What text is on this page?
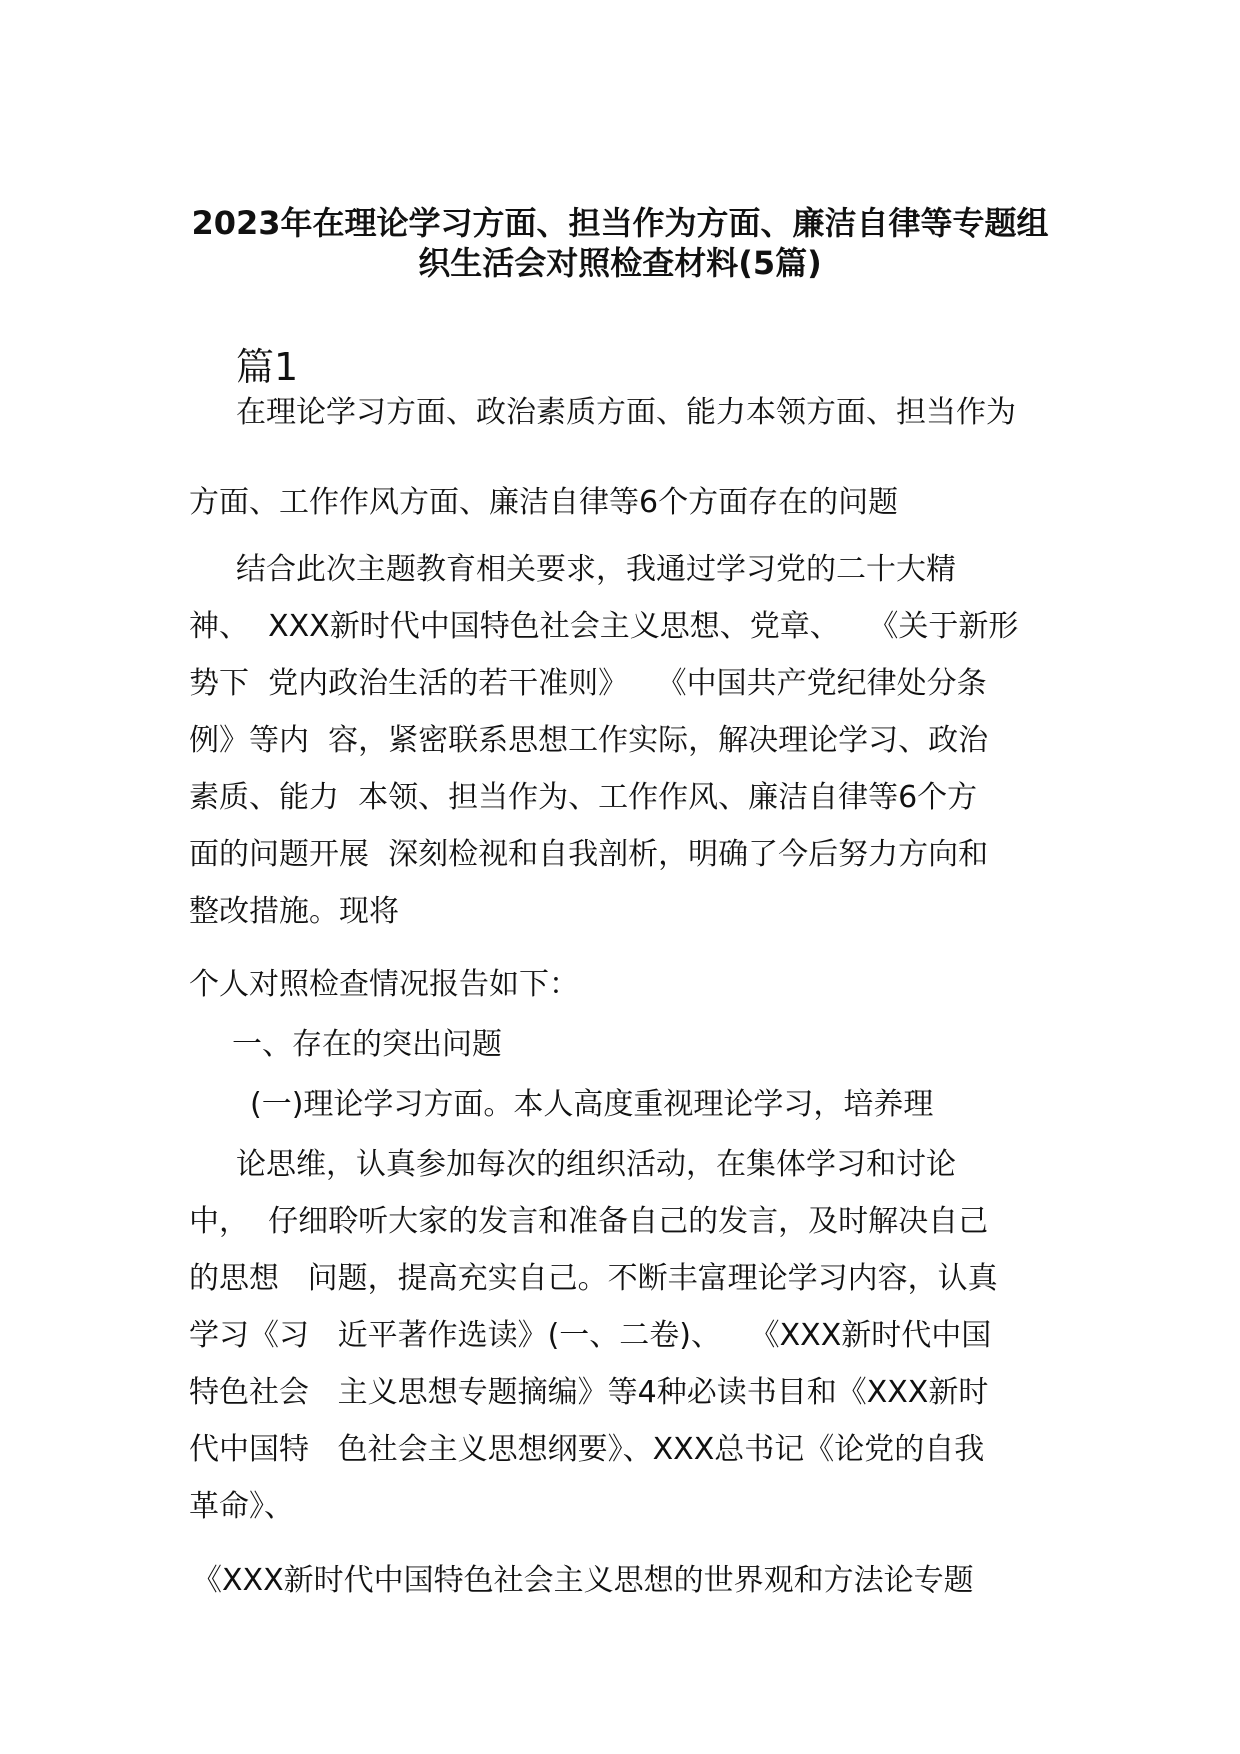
2023年在理论学习方面、担当作为方面、廉洁自律等专题组
织生活会对照检查材料(5篇)
篇1
在理论学习方面、政治素质方面、能力本领方面、担当作为
方面、工作作风方面、廉洁自律等6个方面存在的问题
结合此次主题教育相关要求，我通过学习党的二十大精
神、  XXX新时代中国特色社会主义思想、党章、   《关于新形
势下  党内政治生活的若干准则》   《中国共产党纪律处分条
例》等内  容，紧密联系思想工作实际，解决理论学习、政治
素质、能力  本领、担当作为、工作作风、廉洁自律等6个方
面的问题开展  深刻检视和自我剖析，明确了今后努力方向和
整改措施。现将
个人对照检查情况报告如下：
一、存在的突出问题
(一)理论学习方面。本人高度重视理论学习，培养理
论思维，认真参加每次的组织活动，在集体学习和讨论
中，  仔细聆听大家的发言和准备自己的发言，及时解决自己
的思想   问题，提高充实自己。不断丰富理论学习内容，认真
学习《习   近平著作选读》(一、二卷)、   《XXX新时代中国
特色社会   主义思想专题摘编》等4种必读书目和《XXX新时
代中国特   色社会主义思想纲要》、XXX总书记《论党的自我
革命》、
《XXX新时代中国特色社会主义思想的世界观和方法论专题
